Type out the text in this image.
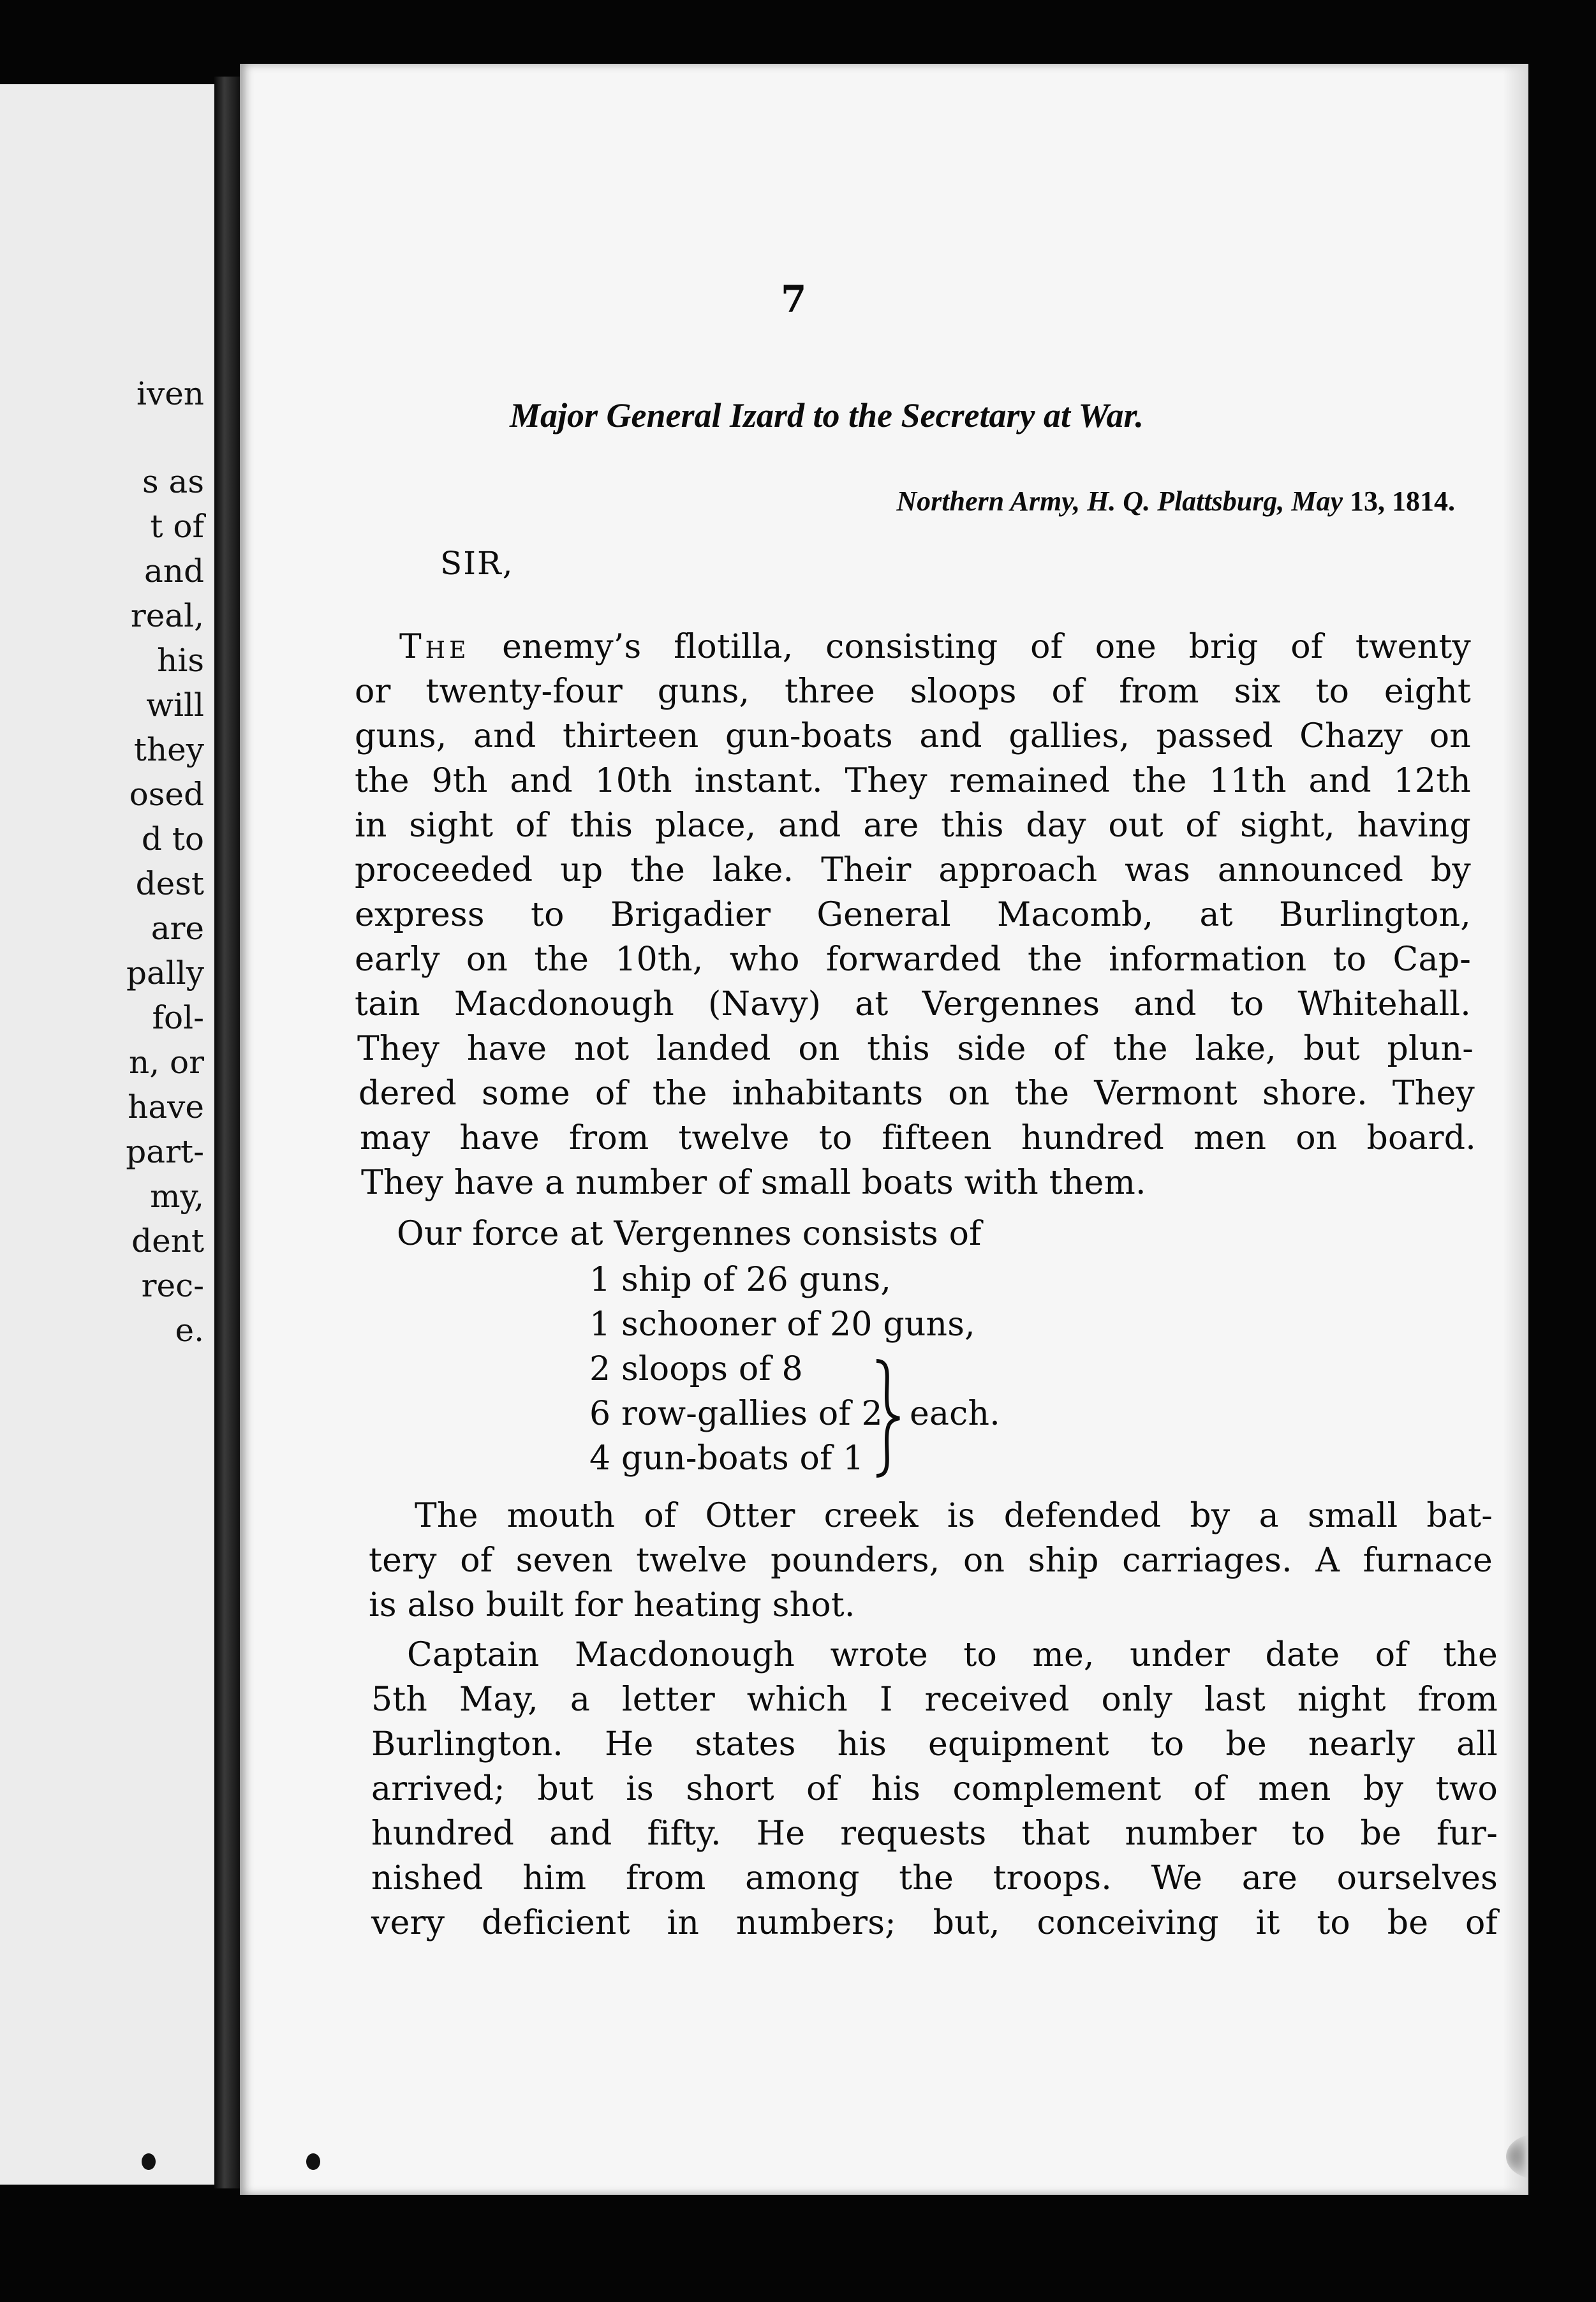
iven
s as
t of
and
real,
his
will
they
osed
d to
dest
are
pally
fol-
n, or
have
part-
my,
dent
rec-
e.
7
Major General Izard to the Secretary at War.
Northern Army, H. Q. Plattsburg, May 13, 1814.
SIR,
The enemy’s flotilla, consisting of one brig of twenty
or twenty-four guns, three sloops of from six to eight
guns, and thirteen gun-boats and gallies, passed Chazy on
the 9th and 10th instant. They remained the 11th and 12th
in sight of this place, and are this day out of sight, having
proceeded up the lake. Their approach was announced by
express to Brigadier General Macomb, at Burlington,
early on the 10th, who forwarded the information to Cap-
tain Macdonough (Navy) at Vergennes and to Whitehall.
They have not landed on this side of the lake, but plun-
dered some of the inhabitants on the Vermont shore. They
may have from twelve to fifteen hundred men on board.
They have a number of small boats with them.
Our force at Vergennes consists of
1 ship of 26 guns,
1 schooner of 20 guns,
2 sloops of 8
6 row-gallies of 2
4 gun-boats of 1
each.
The mouth of Otter creek is defended by a small bat-
tery of seven twelve pounders, on ship carriages. A furnace
is also built for heating shot.
Captain Macdonough wrote to me, under date of the
5th May, a letter which I received only last night from
Burlington. He states his equipment to be nearly all
arrived; but is short of his complement of men by two
hundred and fifty. He requests that number to be fur-
nished him from among the troops. We are ourselves
very deficient in numbers; but, conceiving it to be of
